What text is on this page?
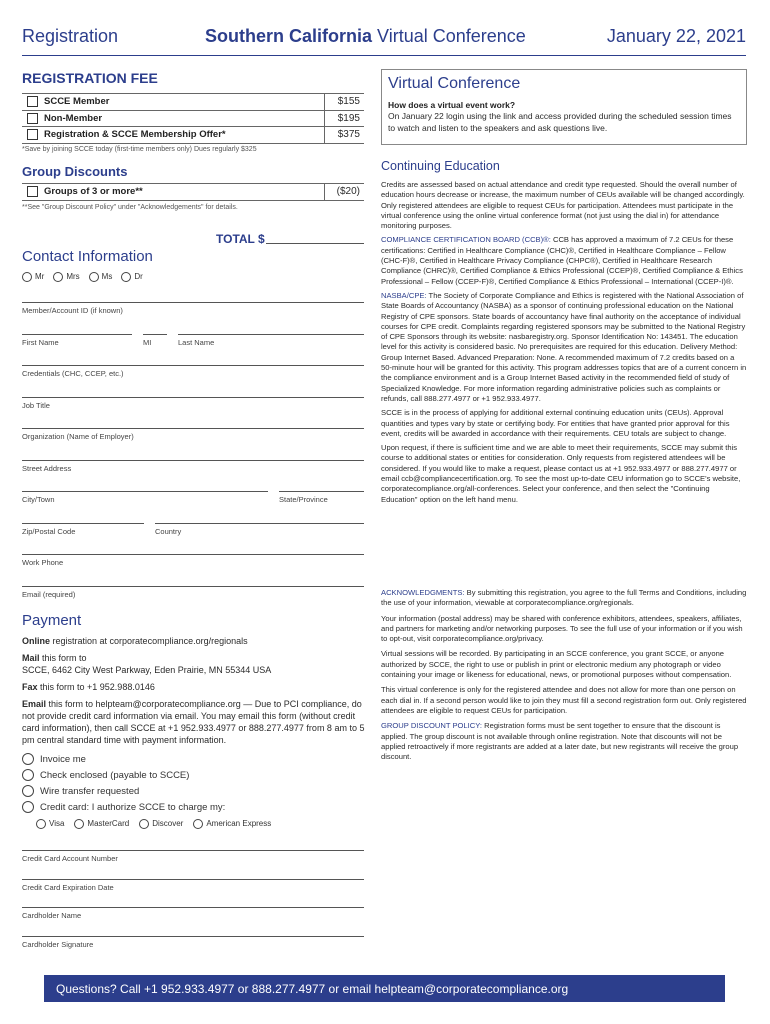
Registration	Southern California Virtual Conference	January 22, 2021
REGISTRATION FEE
SCCE Member	$155
Non-Member	$195
Registration & SCCE Membership Offer*	$375
*Save by joining SCCE today (first-time members only) Dues regularly $325
Group Discounts
Groups of 3 or more**	($20)
**See "Group Discount Policy" under "Acknowledgements" for details.
TOTAL $
Contact Information
Mr	Mrs	Ms	Dr
Member/Account ID (if known)
First Name	MI	Last Name
Credentials (CHC, CCEP, etc.)
Job Title
Organization (Name of Employer)
Street Address
City/Town	State/Province
Zip/Postal Code	Country
Work Phone
Email (required)
Payment
Online registration at corporatecompliance.org/regionals
Mail this form to
SCCE, 6462 City West Parkway, Eden Prairie, MN 55344 USA
Fax this form to +1 952.988.0146
Email this form to helpteam@corporatecompliance.org — Due to PCI compliance, do not provide credit card information via email. You may email this form (without credit card information), then call SCCE at +1 952.933.4977 or 888.277.4977 from 8 am to 5 pm central standard time with payment information.
Invoice me
Check enclosed (payable to SCCE)
Wire transfer requested
Credit card: I authorize SCCE to charge my:
Visa	MasterCard	Discover	American Express
Credit Card Account Number
Credit Card Expiration Date
Cardholder Name
Cardholder Signature
Virtual Conference
How does a virtual event work?
On January 22 login using the link and access provided during the scheduled session times to watch and listen to the speakers and ask questions live.
Continuing Education

Credits are assessed based on actual attendance and credit type requested. Should the overall number of education hours decrease or increase, the maximum number of CEUs available will be changed accordingly. Only registered attendees are eligible to request CEUs for participation. Attendees must participate in the virtual conference using the online virtual conference format (not just using the dial in) for attendance monitoring purposes.

COMPLIANCE CERTIFICATION BOARD (CCB)®: CCB has approved a maximum of 7.2 CEUs for these certifications: Certified in Healthcare Compliance (CHC)®, Certified in Healthcare Compliance – Fellow (CHC-F)®, Certified in Healthcare Privacy Compliance (CHPC®), Certified in Healthcare Research Compliance (CHRC)®, Certified Compliance & Ethics Professional (CCEP)®, Certified Compliance & Ethics Professional – Fellow (CCEP-F)®, Certified Compliance & Ethics Professional – International (CCEP-I)®.

NASBA/CPE: The Society of Corporate Compliance and Ethics is registered with the National Association of State Boards of Accountancy (NASBA) as a sponsor of continuing professional education on the National Registry of CPE sponsors. State boards of accountancy have final authority on the acceptance of individual courses for CPE credit. Complaints regarding registered sponsors may be submitted to the National Registry of CPE Sponsors through its website: nasbaregistry.org. Sponsor Identification No: 143451. The education level for this activity is considered basic. No prerequisites are required for this education. Delivery Method: Group Internet Based. Advanced Preparation: None. A recommended maximum of 7.2 credits based on a 50-minute hour will be granted for this activity. This program addresses topics that are of a current concern in the compliance environment and is a Group Internet Based activity in the recommended field of study of Specialized Knowledge. For more information regarding administrative policies such as complaints or refunds, call 888.277.4977 or +1 952.933.4977.

SCCE is in the process of applying for additional external continuing education units (CEUs). Approval quantities and types vary by state or certifying body. For entities that have granted prior approval for this event, credits will be awarded in accordance with their requirements. CEU totals are subject to change.

Upon request, if there is sufficient time and we are able to meet their requirements, SCCE may submit this course to additional states or entities for consideration. Only requests from registered attendees will be considered. If you would like to make a request, please contact us at +1 952.933.4977 or 888.277.4977 or email ccb@compliancecertification.org. To see the most up-to-date CEU information go to SCCE's website, corporatecompliance.org/all-conferences. Select your conference, and then select the "Continuing Education" option on the left hand menu.

ACKNOWLEDGMENTS: By submitting this registration, you agree to the full Terms and Conditions, including the use of your information, viewable at corporatecompliance.org/regionals.

Your information (postal address) may be shared with conference exhibitors, attendees, speakers, affiliates, and partners for marketing and/or networking purposes. To see the full use of your information or if you wish to opt-out, visit corporatecompliance.org/privacy.

Virtual sessions will be recorded. By participating in an SCCE conference, you grant SCCE, or anyone authorized by SCCE, the right to use or publish in print or electronic medium any photograph or video containing your image or likeness for educational, news, or promotional purposes without compensation.

This virtual conference is only for the registered attendee and does not allow for more than one person on each dial in. If a second person would like to join they must fill a second registration form out. Only registered attendees are eligible to request CEUs for participation.

GROUP DISCOUNT POLICY: Registration forms must be sent together to ensure that the discount is applied. The group discount is not available through online registration. Note that discounts will not be applied retroactively if more registrants are added at a later date, but new registrants will receive the group discount.

Questions? Call +1 952.933.4977 or 888.277.4977 or email helpteam@corporatecompliance.org
